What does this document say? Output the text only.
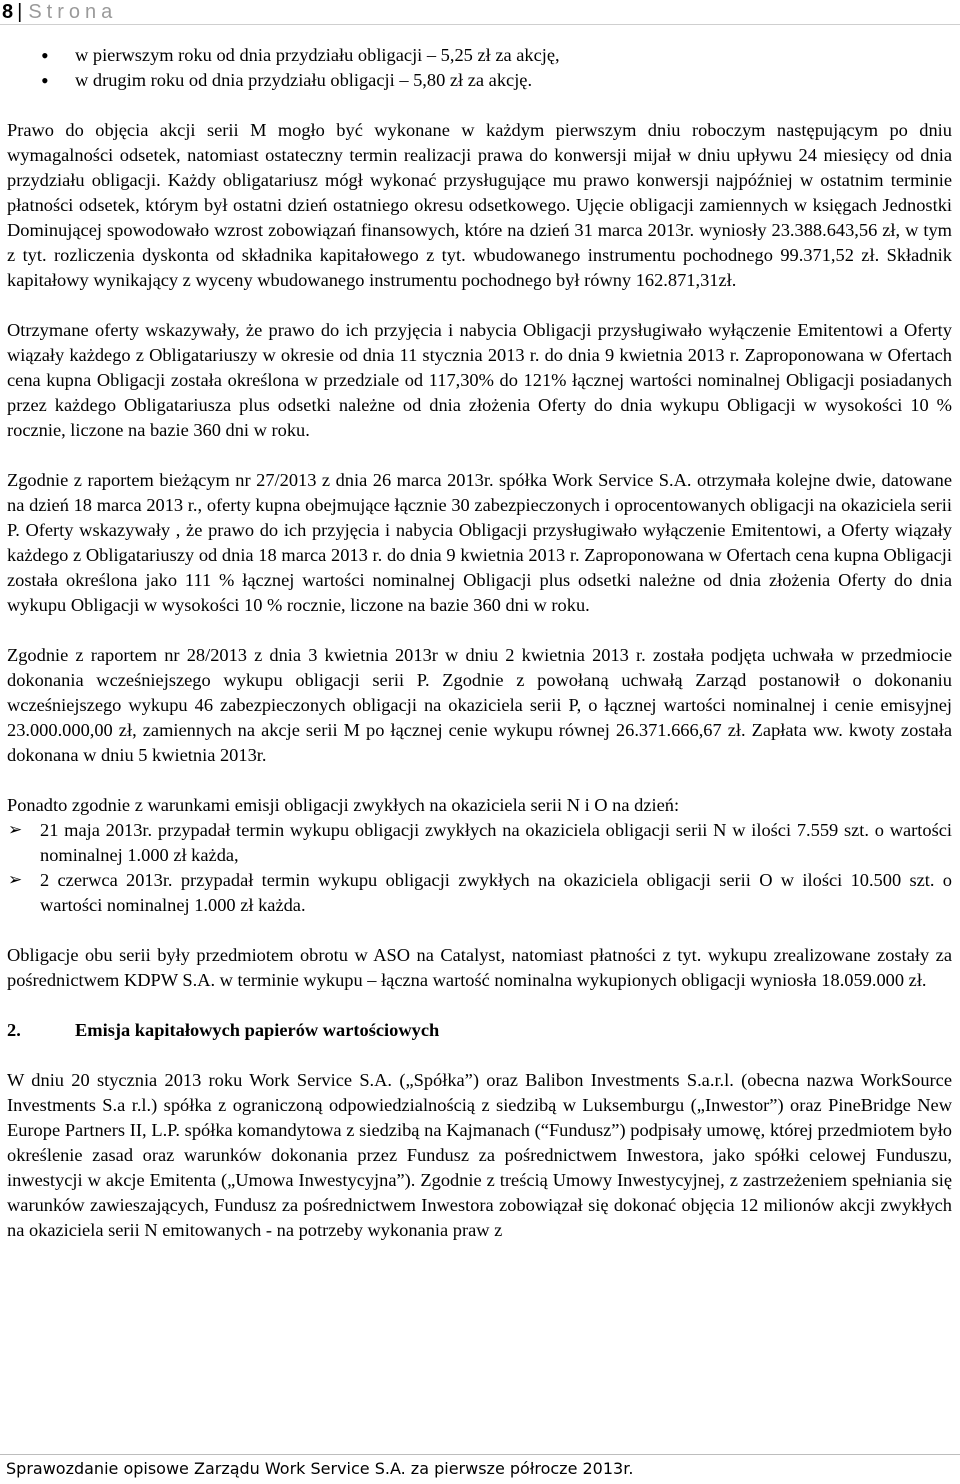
8 | Strona
• w pierwszym roku od dnia przydziału obligacji – 5,25 zł za akcję,
• w drugim roku od dnia przydziału obligacji – 5,80 zł za akcję.

Prawo do objęcia akcji serii M mogło być wykonane w każdym pierwszym dniu roboczym następującym po dniu wymagalności odsetek, natomiast ostateczny termin realizacji prawa do konwersji mijał w dniu upływu 24 miesięcy od dnia przydziału obligacji. Każdy obligatariusz mógł wykonać przysługujące mu prawo konwersji najpóźniej w ostatnim terminie płatności odsetek, którym był ostatni dzień ostatniego okresu odsetkowego. Ujęcie obligacji zamiennych w księgach Jednostki Dominującej spowodowało wzrost zobowiązań finansowych, które na dzień 31 marca 2013r. wyniosły 23.388.643,56 zł, w tym z tyt. rozliczenia dyskonta od składnika kapitałowego z tyt. wbudowanego instrumentu pochodnego 99.371,52 zł. Składnik kapitałowy wynikający z wyceny wbudowanego instrumentu pochodnego był równy 162.871,31zł.

Otrzymane oferty wskazywały, że prawo do ich przyjęcia i nabycia Obligacji przysługiwało wyłączenie Emitentowi a Oferty wiązały każdego z Obligatariuszy w okresie od dnia 11 stycznia 2013 r. do dnia 9 kwietnia 2013 r. Zaproponowana w Ofertach cena kupna Obligacji została określona w przedziale od 117,30% do 121% łącznej wartości nominalnej Obligacji posiadanych przez każdego Obligatariusza plus odsetki należne od dnia złożenia Oferty do dnia wykupu Obligacji w wysokości 10 % rocznie, liczone na bazie 360 dni w roku.

Zgodnie z raportem bieżącym nr 27/2013 z dnia 26 marca 2013r. spółka Work Service S.A. otrzymała kolejne dwie, datowane na dzień 18 marca 2013 r., oferty kupna obejmujące łącznie 30 zabezpieczonych i oprocentowanych obligacji na okaziciela serii P. Oferty wskazywały , że prawo do ich przyjęcia i nabycia Obligacji przysługiwało wyłączenie Emitentowi, a Oferty wiązały każdego z Obligatariuszy od dnia 18 marca 2013 r. do dnia 9 kwietnia 2013 r. Zaproponowana w Ofertach cena kupna Obligacji została określona jako 111 % łącznej wartości nominalnej Obligacji plus odsetki należne od dnia złożenia Oferty do dnia wykupu Obligacji w wysokości 10 % rocznie, liczone na bazie 360 dni w roku.

Zgodnie z raportem nr 28/2013 z dnia 3 kwietnia 2013r w dniu 2 kwietnia 2013 r. została podjęta uchwała w przedmiocie dokonania wcześniejszego wykupu obligacji serii P. Zgodnie z powołaną uchwałą Zarząd postanowił o dokonaniu wcześniejszego wykupu 46 zabezpieczonych obligacji na okaziciela serii P, o łącznej wartości nominalnej i cenie emisyjnej 23.000.000,00 zł, zamiennych na akcje serii M po łącznej cenie wykupu równej 26.371.666,67 zł. Zapłata ww. kwoty została dokonana w dniu 5 kwietnia 2013r.

Ponadto zgodnie z warunkami emisji obligacji zwykłych na okaziciela serii N i O na dzień:

➢ 21 maja 2013r. przypadał termin wykupu obligacji zwykłych na okaziciela obligacji serii N w ilości 7.559 szt. o wartości nominalnej 1.000 zł każda,
➢ 2 czerwca 2013r. przypadał termin wykupu obligacji zwykłych na okaziciela obligacji serii O w ilości 10.500 szt. o wartości nominalnej 1.000 zł każda.

Obligacje obu serii były przedmiotem obrotu w ASO na Catalyst, natomiast płatności z tyt. wykupu zrealizowane zostały za pośrednictwem KDPW S.A. w terminie wykupu – łączna wartość nominalna wykupionych obligacji wyniosła 18.059.000 zł.

2.	Emisja kapitałowych papierów wartościowych

W dniu 20 stycznia 2013 roku Work Service S.A. („Spółka”) oraz Balibon Investments S.a.r.l. (obecna nazwa WorkSource Investments S.a r.l.) spółka z ograniczoną odpowiedzialnością z siedzibą w Luksemburgu („Inwestor”) oraz PineBridge New Europe Partners II, L.P. spółka komandytowa z siedzibą na Kajmanach (“Fundusz”) podpisały umowę, której przedmiotem było określenie zasad oraz warunków dokonania przez Fundusz za pośrednictwem Inwestora, jako spółki celowej Funduszu, inwestycji w akcje Emitenta („Umowa Inwestycyjna”). Zgodnie z treścią Umowy Inwestycyjnej, z zastrzeżeniem spełniania się warunków zawieszających, Fundusz za pośrednictwem Inwestora zobowiązał się dokonać objęcia 12 milionów akcji zwykłych na okaziciela serii N emitowanych - na potrzeby wykonania praw z

Sprawozdanie opisowe Zarządu Work Service S.A. za pierwsze półrocze 2013r.
